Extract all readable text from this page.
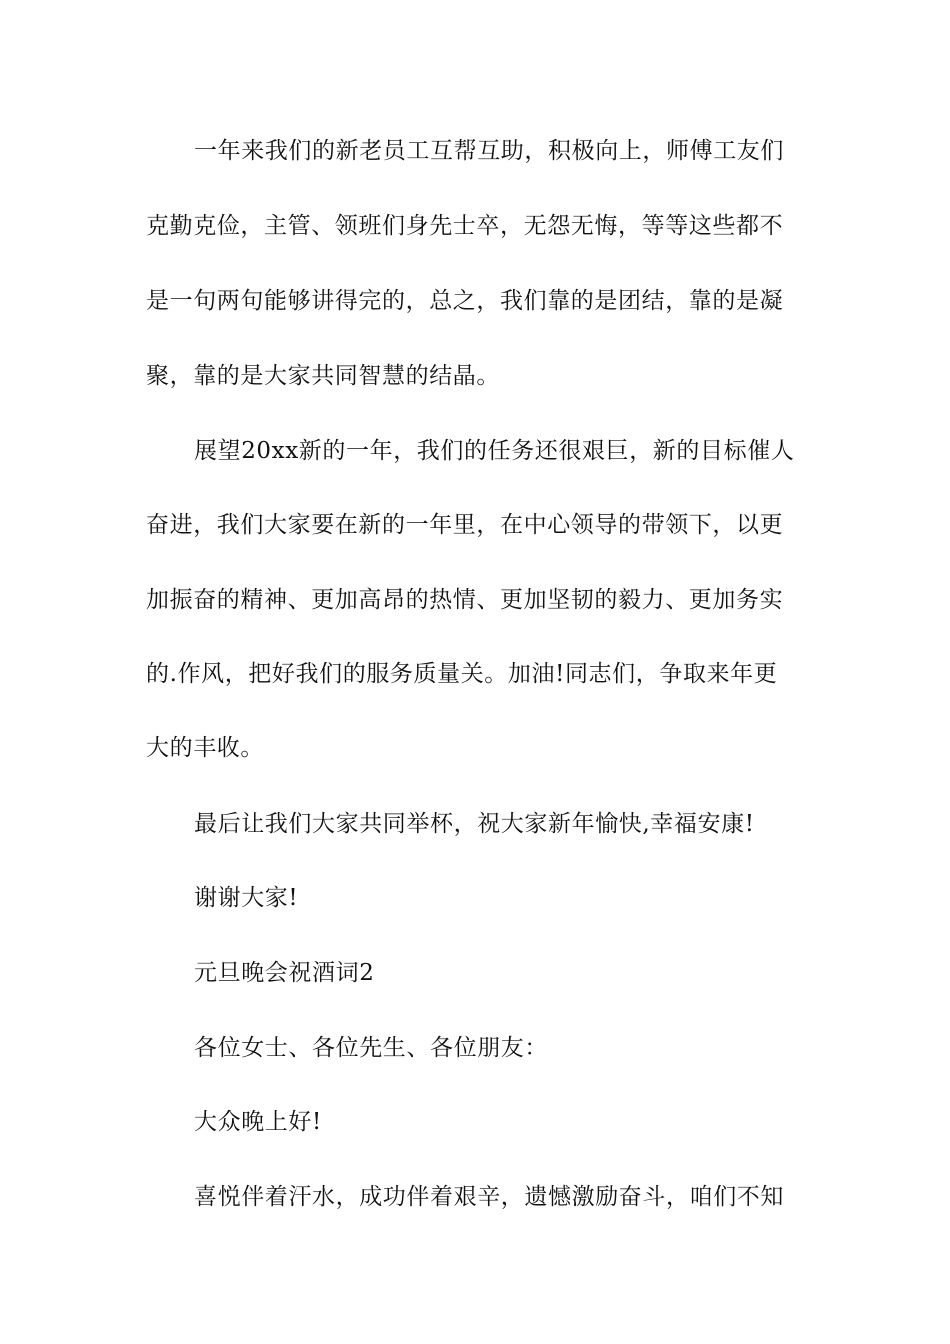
一年来我们的新老员工互帮互助，积极向上，师傅工友们
克勤克俭，主管、领班们身先士卒，无怨无悔，等等这些都不
是一句两句能够讲得完的，总之，我们靠的是团结，靠的是凝
聚，靠的是大家共同智慧的结晶。
展望20xx新的一年，我们的任务还很艰巨，新的目标催人
奋进，我们大家要在新的一年里，在中心领导的带领下，以更
加振奋的精神、更加高昂的热情、更加坚韧的毅力、更加务实
的.作风，把好我们的服务质量关。加油!同志们，争取来年更
大的丰收。
最后让我们大家共同举杯，祝大家新年愉快,幸福安康!
谢谢大家!
元旦晚会祝酒词2
各位女士、各位先生、各位朋友：
大众晚上好!
喜悦伴着汗水，成功伴着艰辛，遗憾激励奋斗，咱们不知
